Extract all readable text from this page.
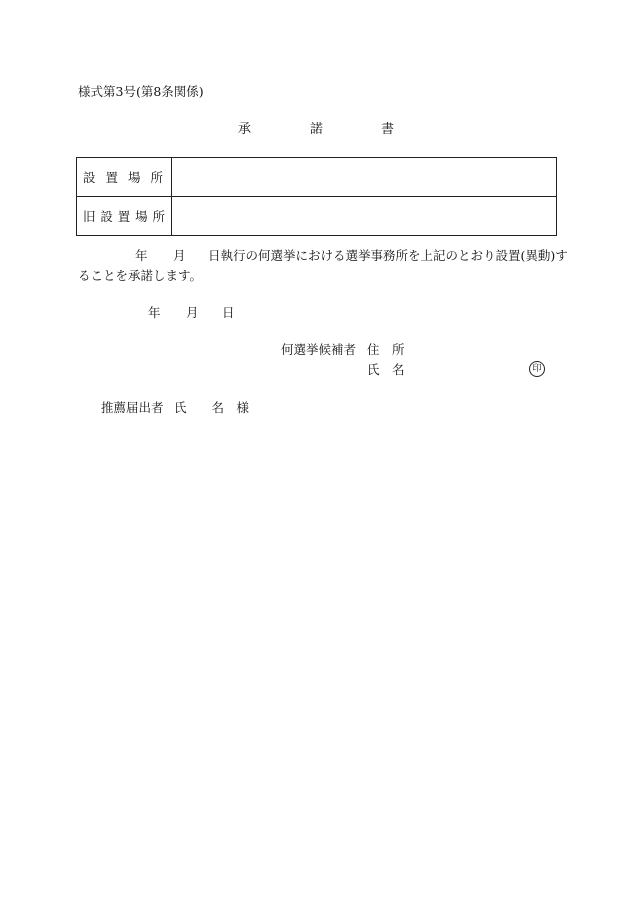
様式第3号(第8条関係)
承	諾	書
設 置 場 所	

旧 設 置 場 所	

年 月 日執行の何選挙における選挙事務所を上記のとおり設置(異動)す
ることを承諾します。
年 月 日
何選挙候補者 住　所
氏　名	印
推薦届出者 氏　　名　様
